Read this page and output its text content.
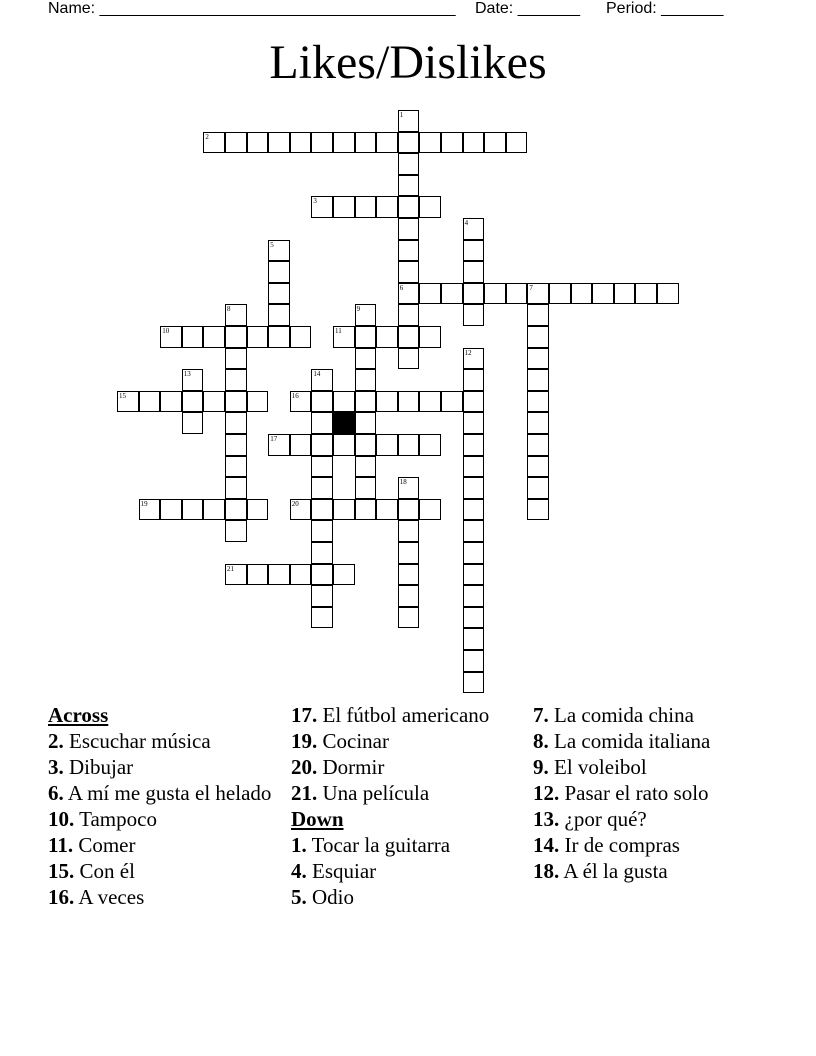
Name: ________________________________________ Date: _______ Period: _______
Likes/Dislikes
1
6
2
3
4
5
7
8	9
10	11
12
13	14
15	16
17
18
19	20
21
Across
2. Escuchar música
3. Dibujar
6. A mí me gusta el helado
10. Tampoco
11. Comer
15. Con él
16. A veces
17. El fútbol americano
19. Cocinar
20. Dormir
21. Una película
Down
1. Tocar la guitarra
4. Esquiar
5. Odio
7. La comida china
8. La comida italiana
9. El voleibol
12. Pasar el rato solo
13. ¿por qué?
14. Ir de compras
18. A él la gusta
